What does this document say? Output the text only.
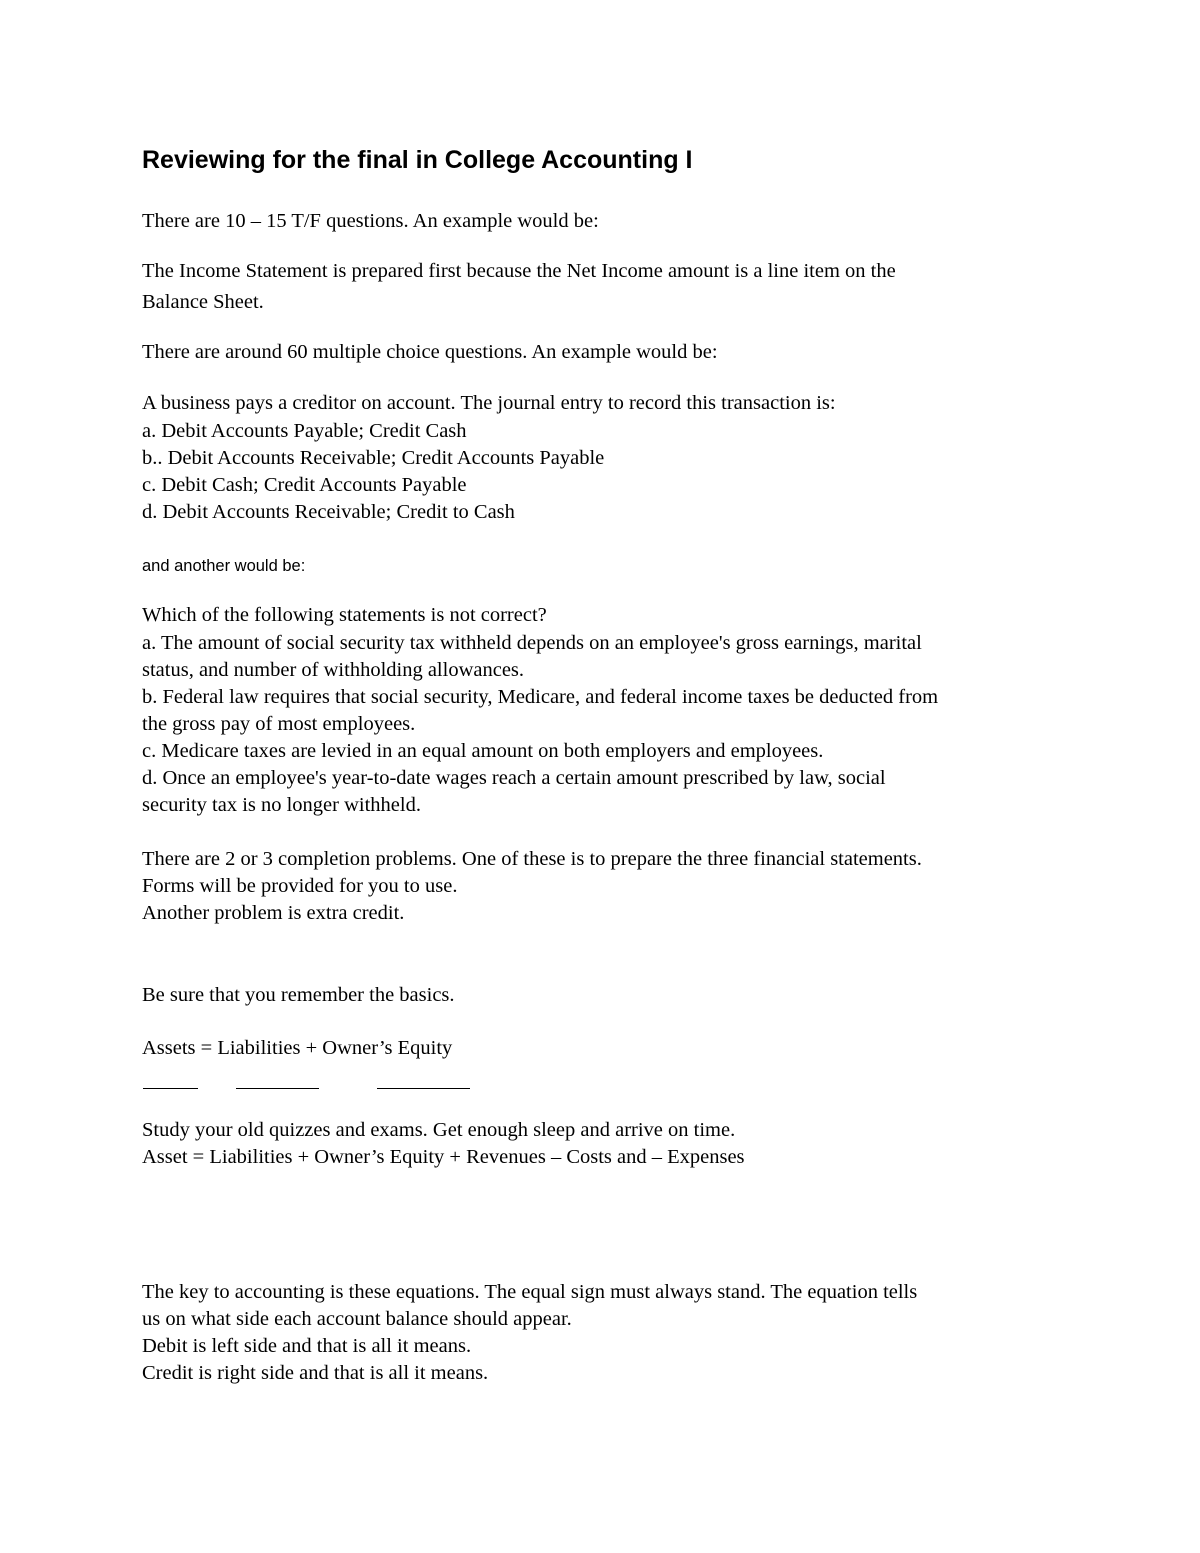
Reviewing for the final in College Accounting I

There are 10 – 15 T/F questions. An example would be:

The Income Statement is prepared first because the Net Income amount is a line item on the

Balance Sheet.

There are around 60 multiple choice questions. An example would be:

A business pays a creditor on account. The journal entry to record this transaction is:

a. Debit Accounts Payable; Credit Cash

b.. Debit Accounts Receivable; Credit Accounts Payable

c. Debit Cash; Credit Accounts Payable

d. Debit Accounts Receivable; Credit to Cash

and another would be:

Which of the following statements is not correct?

a. The amount of social security tax withheld depends on an employee's gross earnings, marital

status, and number of withholding allowances.

b. Federal law requires that social security, Medicare, and federal income taxes be deducted from

the gross pay of most employees.

c. Medicare taxes are levied in an equal amount on both employers and employees.

d. Once an employee's year-to-date wages reach a certain amount prescribed by law, social

security tax is no longer withheld.

There are 2 or 3 completion problems. One of these is to prepare the three financial statements.

Forms will be provided for you to use.

Another problem is extra credit.

Be sure that you remember the basics.

Assets = Liabilities + Owner’s Equity

Study your old quizzes and exams. Get enough sleep and arrive on time.

Asset = Liabilities + Owner’s Equity + Revenues – Costs and – Expenses

The key to accounting is these equations. The equal sign must always stand. The equation tells

us on what side each account balance should appear.

Debit is left side and that is all it means.

Credit is right side and that is all it means.
